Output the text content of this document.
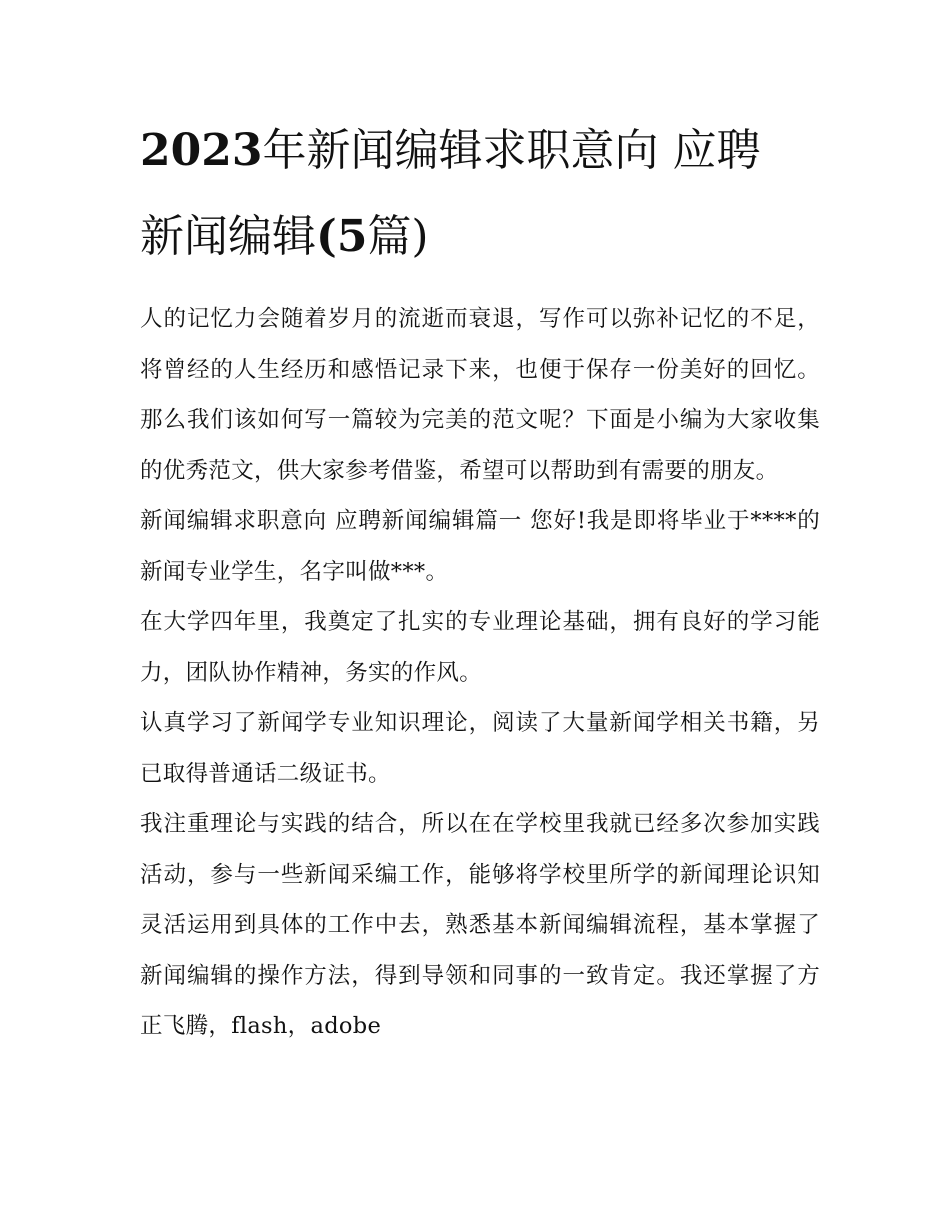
2023年新闻编辑求职意向 应聘新闻编辑(5篇)

人的记忆力会随着岁月的流逝而衰退，写作可以弥补记忆的不足，将曾经的人生经历和感悟记录下来，也便于保存一份美好的回忆。那么我们该如何写一篇较为完美的范文呢？下面是小编为大家收集的优秀范文，供大家参考借鉴，希望可以帮助到有需要的朋友。

新闻编辑求职意向 应聘新闻编辑篇一 您好!我是即将毕业于****的新闻专业学生，名字叫做***。

在大学四年里，我奠定了扎实的专业理论基础，拥有良好的学习能力，团队协作精神，务实的作风。

认真学习了新闻学专业知识理论，阅读了大量新闻学相关书籍，另已取得普通话二级证书。

我注重理论与实践的结合，所以在在学校里我就已经多次参加实践活动，参与一些新闻采编工作，能够将学校里所学的新闻理论识知灵活运用到具体的工作中去，熟悉基本新闻编辑流程，基本掌握了新闻编辑的操作方法，得到导领和同事的一致肯定。我还掌握了方正飞腾，flash，adobe
